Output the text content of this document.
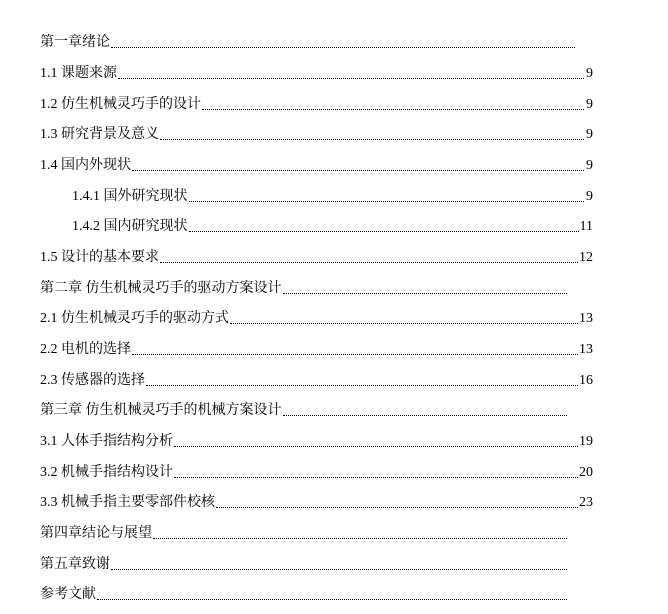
第一章绪论
1.1 课题来源	9
1.2 仿生机械灵巧手的设计	9
1.3 研究背景及意义	9
1.4 国内外现状	9
1.4.1 国外研究现状	9
1.4.2 国内研究现状	11
1.5 设计的基本要求	12
第二章 仿生机械灵巧手的驱动方案设计
2.1 仿生机械灵巧手的驱动方式	13
2.2 电机的选择	13
2.3 传感器的选择	16
第三章 仿生机械灵巧手的机械方案设计
3.1 人体手指结构分析	19
3.2 机械手指结构设计	20
3.3 机械手指主要零部件校核	23
第四章结论与展望
第五章致谢
参考文献
